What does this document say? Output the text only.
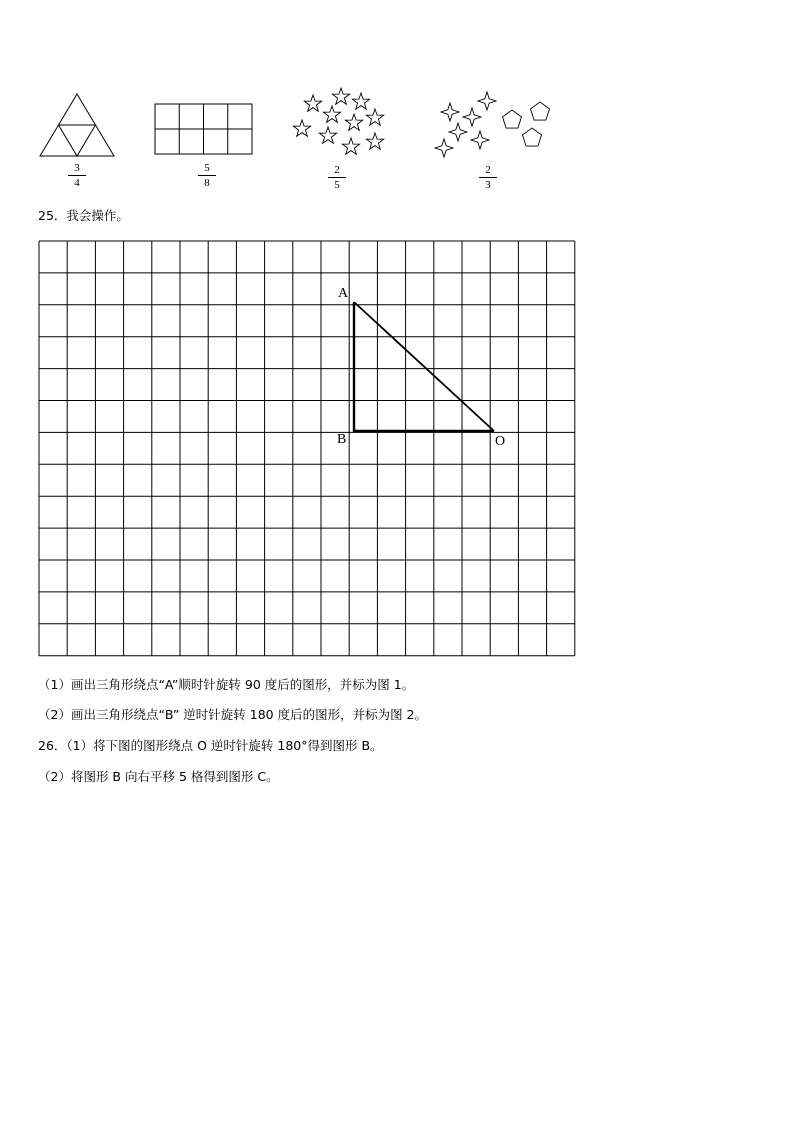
3
4
5
8
2
5
2
3
25．我会操作。
A
B	O
（1）画出三角形绕点“A”顺时针旋转 90 度后的图形，并标为图 1。
（2）画出三角形绕点“B” 逆时针旋转 180 度后的图形，并标为图 2。
26．（1）将下图的图形绕点 O 逆时针旋转 180°得到图形 B。
（2）将图形 B 向右平移 5 格得到图形 C。
